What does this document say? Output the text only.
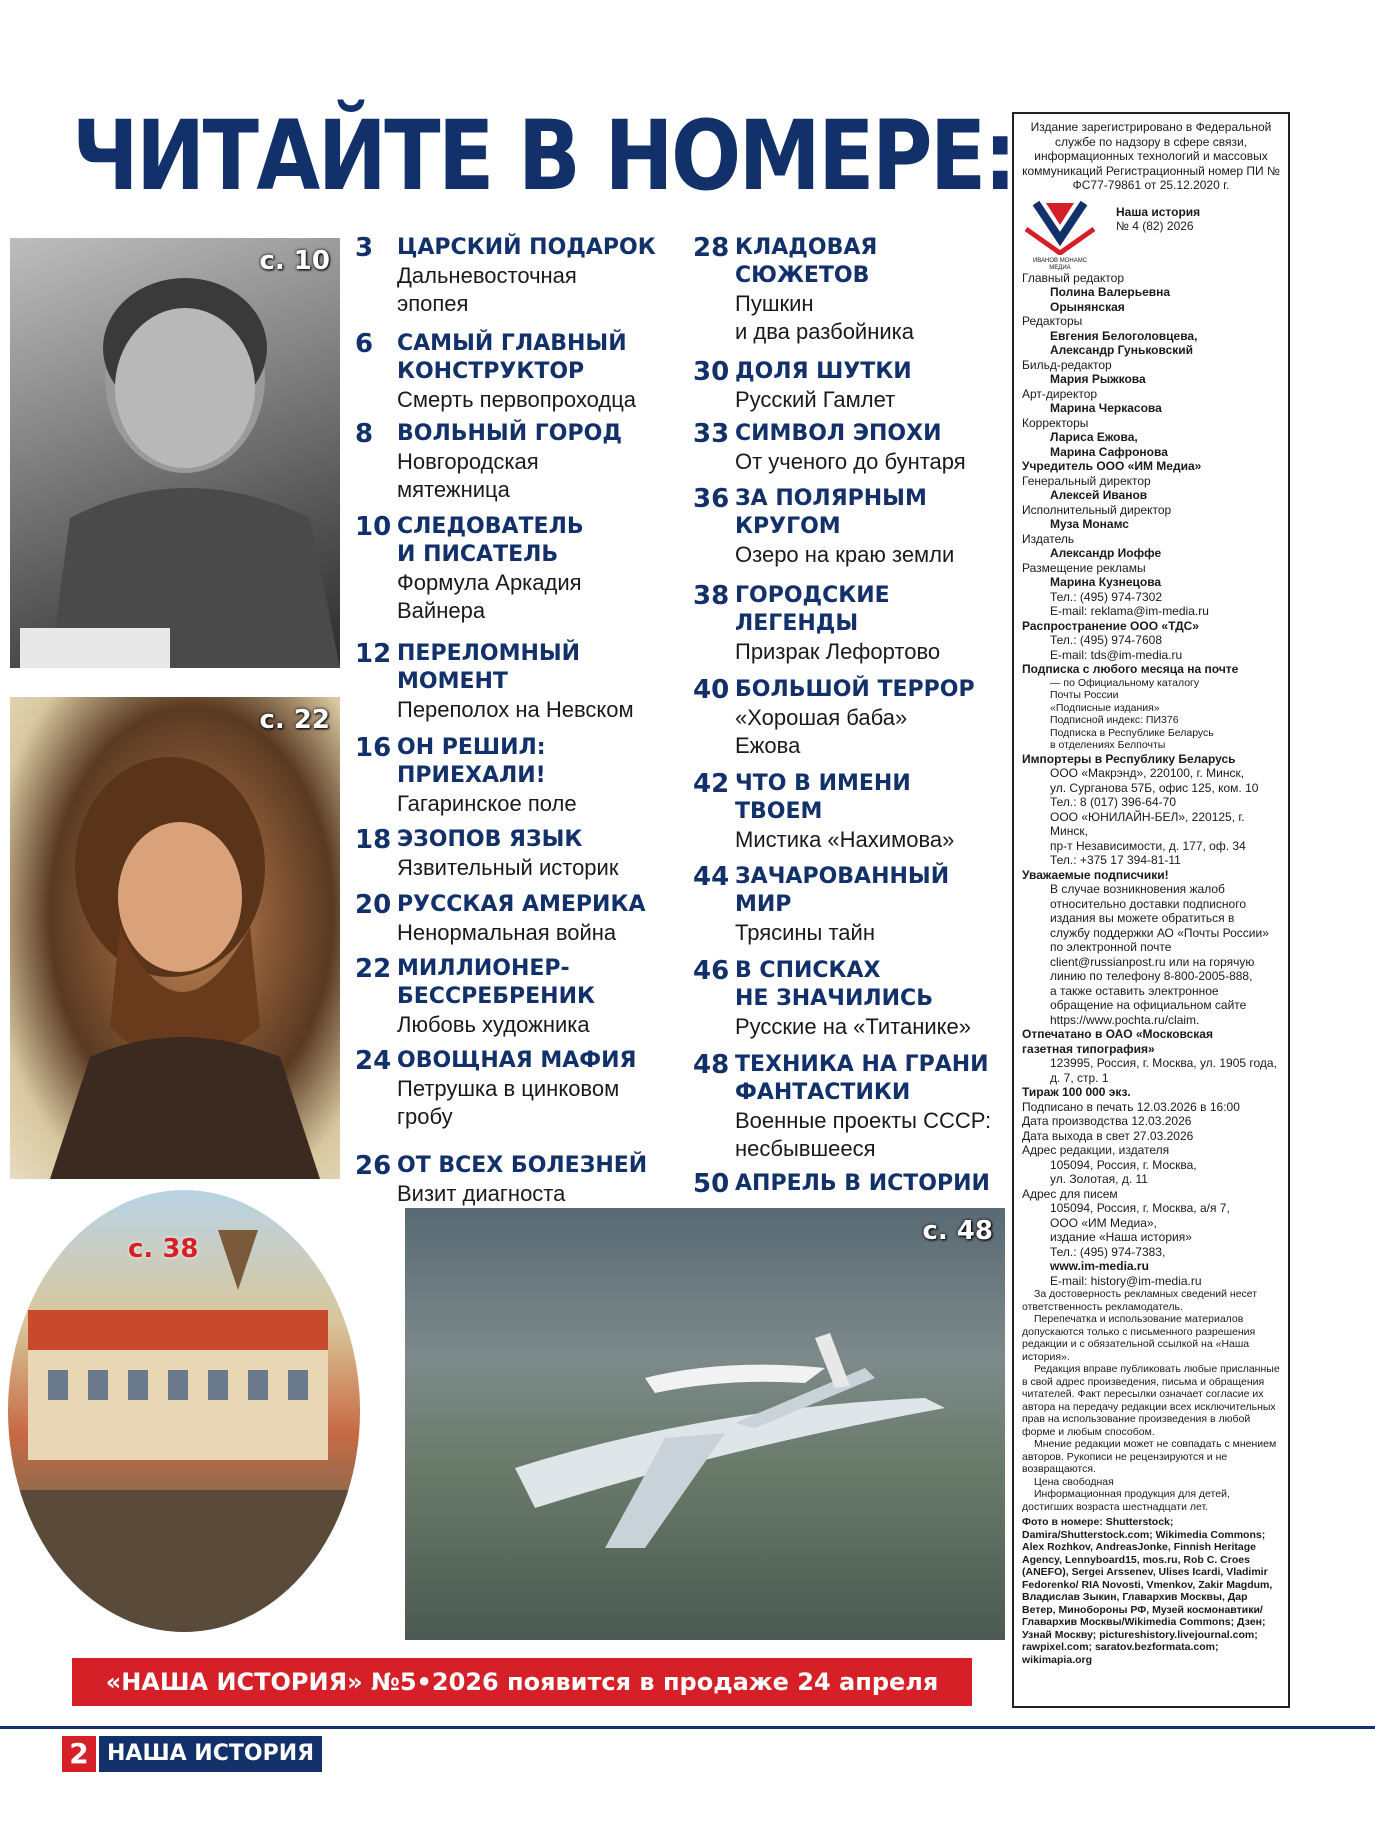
ЧИТАЙТЕ В НОМЕРЕ:
с. 10
с. 22
с. 38
с. 48
3	ЦАРСКИЙ ПОДАРОК
Дальневосточная
эпопея
6	САМЫЙ ГЛАВНЫЙ
КОНСТРУКТОР
Смерть первопроходца
8	ВОЛЬНЫЙ ГОРОД
Новгородская
мятежница
10 СЛЕДОВАТЕЛЬ
И ПИСАТЕЛЬ
Формула Аркадия
Вайнера
12 ПЕРЕЛОМНЫЙ
МОМЕНТ
Переполох на Невском
16 ОН РЕШИЛ:
ПРИЕХАЛИ!
Гагаринское поле
18 ЭЗОПОВ ЯЗЫК
Язвительный историк
20 РУССКАЯ АМЕРИКА
Ненормальная война
22 МИЛЛИОНЕР-
БЕССРЕБРЕНИК
Любовь художника
24 ОВОЩНАЯ МАФИЯ
Петрушка в цинковом
гробу
26 ОТ ВСЕХ БОЛЕЗНЕЙ
Визит диагноста
28 КЛАДОВАЯ
СЮЖЕТОВ
Пушкин
и два разбойника
30 ДОЛЯ ШУТКИ
Русский Гамлет
33 СИМВОЛ ЭПОХИ
От ученого до бунтаря
36 ЗА ПОЛЯРНЫМ
КРУГОМ
Озеро на краю земли
38 ГОРОДСКИЕ
ЛЕГЕНДЫ
Призрак Лефортово
40 БОЛЬШОЙ ТЕРРОР
«Хорошая баба»
Ежова
42 ЧТО В ИМЕНИ
ТВОЕМ
Мистика «Нахимова»
44 ЗАЧАРОВАННЫЙ
МИР
Трясины тайн
46 В СПИСКАХ
НЕ ЗНАЧИЛИСЬ
Русские на «Титанике»
48 ТЕХНИКА НА ГРАНИ
ФАНТАСТИКИ
Военные проекты СССР:
несбывшееся
50 АПРЕЛЬ В ИСТОРИИ

Издание зарегистрировано в Федеральной службе по надзору в сфере связи, информационных технологий и массовых коммуникаций Регистрационный номер ПИ № ФС77-79861 от 25.12.2020 г.

ИВАНОВ МОНАМС МЕДИА
Наша история
№ 4 (82) 2026

Главный редактор

Полина Валерьевна

Орынянская

Редакторы

Евгения Белоголовцева,

Александр Гуньковский

Бильд-редактор

Мария Рыжкова

Арт-директор

Марина Черкасова

Корректоры

Лариса Ежова,

Марина Сафронова

Учредитель ООО «ИМ Медиа»

Генеральный директор

Алексей Иванов

Исполнительный директор

Муза Монамс

Издатель

Александр Иоффе

Размещение рекламы

Марина Кузнецова

Тел.: (495) 974-7302

E-mail: reklama@im-media.ru

Распространение ООО «ТДС»

Тел.: (495) 974-7608

E-mail: tds@im-media.ru

Подписка с любого месяца на почте

— по Официальному каталогу

Почты России

«Подписные издания»

Подписной индекс: ПИ376

Подписка в Республике Беларусь

в отделениях Белпочты

Импортеры в Республику Беларусь

ООО «Макрэнд», 220100, г. Минск,

ул. Сурганова 57Б, офис 125, ком. 10

Тел.: 8 (017) 396-64-70

ООО «ЮНИЛАЙН-БЕЛ», 220125, г. Минск,

пр-т Независимости, д. 177, оф. 34

Тел.: +375 17 394-81-11

Уважаемые подписчики!

В случае возникновения жалоб

относительно доставки подписного

издания вы можете обратиться в

службу поддержки АО «Почты России»

по электронной почте

client@russianpost.ru или на горячую

линию по телефону 8-800-2005-888,

а также оставить электронное

обращение на официальном сайте

https://www.pochta.ru/claim.

Отпечатано в ОАО «Московская

газетная типография»

123995, Россия, г. Москва, ул. 1905 года,

д. 7, стр. 1

Тираж 100 000 экз.

Подписано в печать 12.03.2026 в 16:00

Дата производства 12.03.2026

Дата выхода в свет 27.03.2026

Адрес редакции, издателя

105094, Россия, г. Москва,

ул. Золотая, д. 11

Адрес для писем

105094, Россия, г. Москва, а/я 7,

ООО «ИМ Медиа»,

издание «Наша история»

Тел.: (495) 974-7383,

www.im-media.ru

E-mail: history@im-media.ru

За достоверность рекламных сведений несет ответственность рекламодатель.

Перепечатка и использование материалов допускаются только с письменного разрешения редакции и с обязательной ссылкой на «Наша история».

Редакция вправе публиковать любые присланные в свой адрес произведения, письма и обращения читателей. Факт пересылки означает согласие их автора на передачу редакции всех исключительных прав на использование произведения в любой форме и любым способом.

Мнение редакции может не совпадать с мнением авторов. Рукописи не рецензируются и не возвращаются.

Цена свободная

Информационная продукция для детей, достигших возраста шестнадцати лет.

Фото в номере: Shutterstock; Damira/Shutterstock.com; Wikimedia Commons; Alex Rozhkov, AndreasJonke, Finnish Heritage Agency, Lennyboard15, mos.ru, Rob C. Croes (ANEFO), Sergei Arssenev, Ulises Icardi, Vladimir Fedorenko/ RIA Novosti, Vmenkov, Zakir Magdum, Владислав Зыкин, Главархив Москвы, Дар Ветер, Минобороны РФ, Музей космонавтики/Главархив Москвы/Wikimedia Commons; Дзен; Узнай Москву; pictureshistory.livejournal.com; rawpixel.com; saratov.bezformata.com; wikimapia.org

«НАША ИСТОРИЯ» №5•2026 появится в продаже 24 апреля
2 НАША ИСТОРИЯ
